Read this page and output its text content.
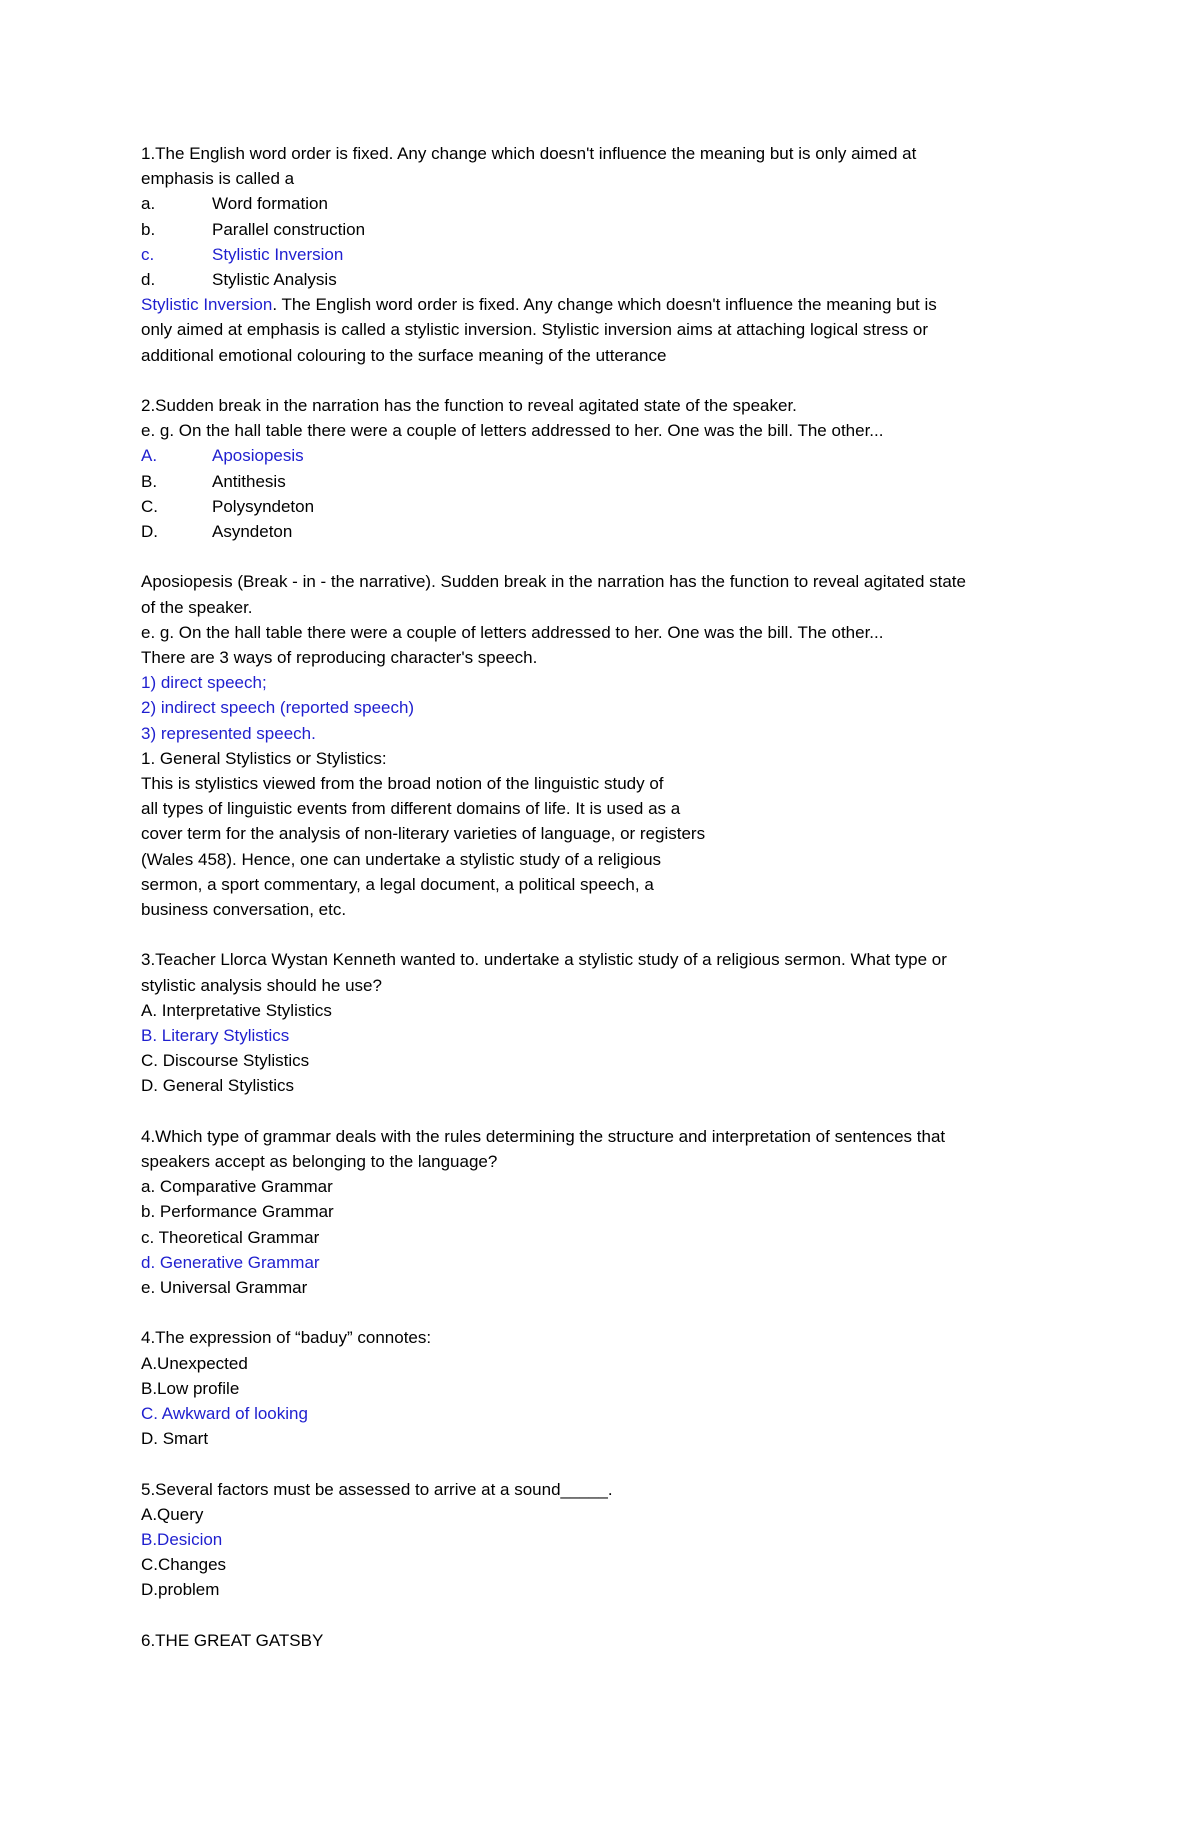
1.The English word order is fixed. Any change which doesn't influence the meaning but is only aimed at

emphasis is called a

a.	Word formation
b.	Parallel construction
c.	Stylistic Inversion
d.	Stylistic Analysis

Stylistic Inversion. The English word order is fixed. Any change which doesn't influence the meaning but is

only aimed at emphasis is called a stylistic inversion. Stylistic inversion aims at attaching logical stress or

additional emotional colouring to the surface meaning of the utterance

2.Sudden break in the narration has the function to reveal agitated state of the speaker.

e. g. On the hall table there were a couple of letters addressed to her. One was the bill. The other...

A.	Aposiopesis
B.	Antithesis
C.	Polysyndeton
D.	Asyndeton

Aposiopesis (Break - in - the narrative). Sudden break in the narration has the function to reveal agitated state

of the speaker.

e. g. On the hall table there were a couple of letters addressed to her. One was the bill. The other...

There are 3 ways of reproducing character's speech.

1) direct speech;

2) indirect speech (reported speech)

3) represented speech.

1. General Stylistics or Stylistics:

This is stylistics viewed from the broad notion of the linguistic study of

all types of linguistic events from different domains of life. It is used as a

cover term for the analysis of non-literary varieties of language, or registers

(Wales 458). Hence, one can undertake a stylistic study of a religious

sermon, a sport commentary, a legal document, a political speech, a

business conversation, etc.

3.Teacher Llorca Wystan Kenneth wanted to. undertake a stylistic study of a religious sermon. What type or

stylistic analysis should he use?

A. Interpretative Stylistics

B. Literary Stylistics

C. Discourse Stylistics

D. General Stylistics

4.Which type of grammar deals with the rules determining the structure and interpretation of sentences that

speakers accept as belonging to the language?

a. Comparative Grammar

b. Performance Grammar

c. Theoretical Grammar

d. Generative Grammar

e. Universal Grammar

4.The expression of “baduy” connotes:

A.Unexpected

B.Low profile

C. Awkward of looking

D. Smart

5.Several factors must be assessed to arrive at a sound_____.

A.Query

B.Desicion

C.Changes

D.problem

6.THE GREAT GATSBY
